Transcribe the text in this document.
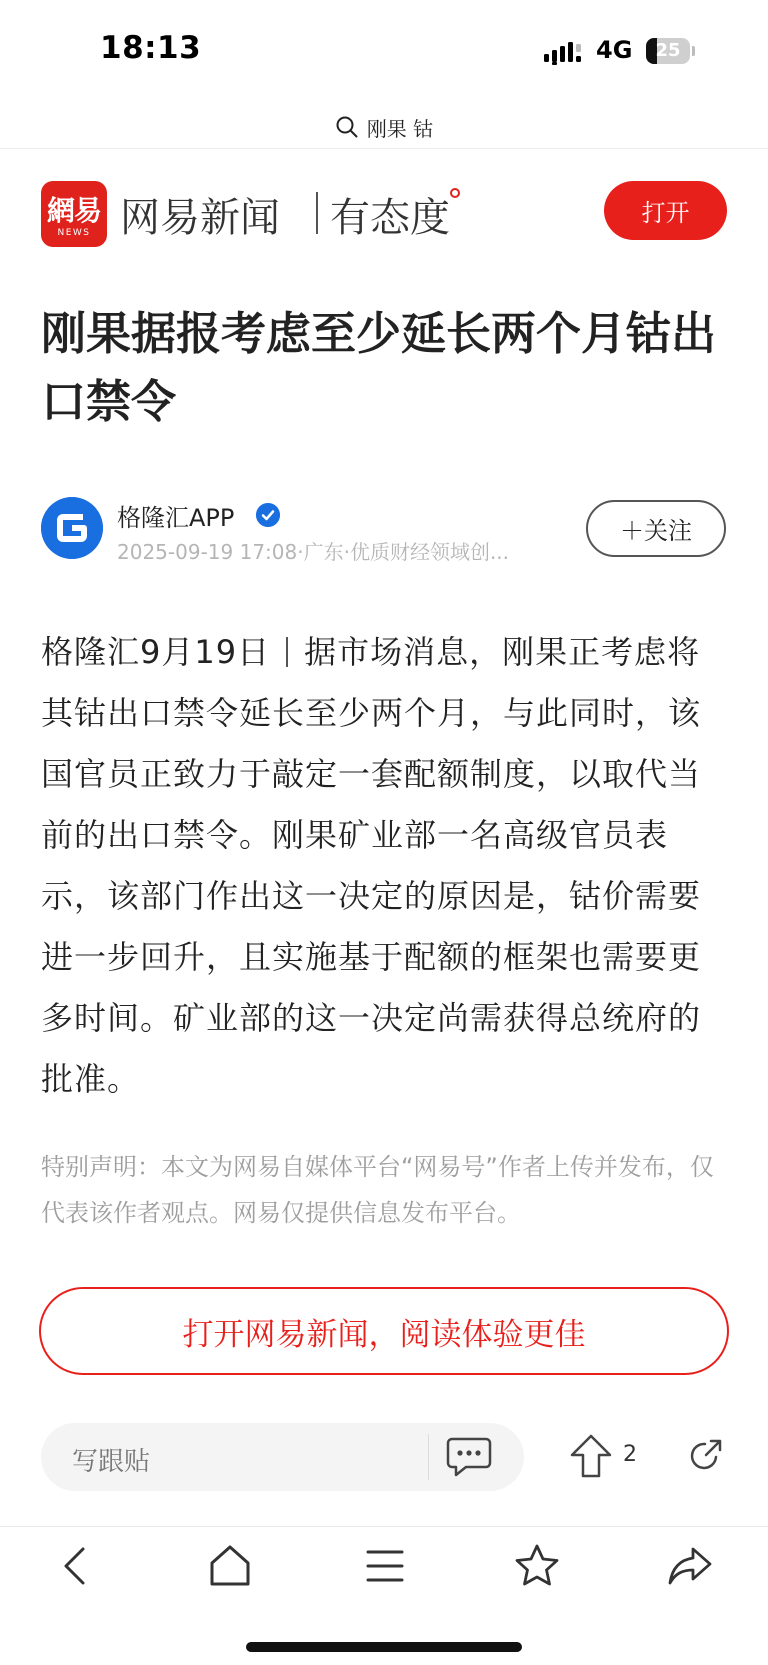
18:13	4G	25
刚果 钴
網易
NEWS 网易新闻 有态度	打开
刚果据报考虑至少延长两个月钴出口禁令
格隆汇APP
2025-09-19 17:08·广东·优质财经领域创...
＋关注

格隆汇9月19日 据市场消息，刚果正考虑将其钴出口禁令延长至少两个月，与此同时，该国官员正致力于敲定一套配额制度，以取代当前的出口禁令。刚果矿业部一名高级官员表示，该部门作出这一决定的原因是，钴价需要进一步回升，且实施基于配额的框架也需要更多时间。矿业部的这一决定尚需获得总统府的批准。

特别声明：本文为网易自媒体平台“网易号”作者上传并发布，仅代表该作者观点。网易仅提供信息发布平台。

打开网易新闻，阅读体验更佳
写跟贴	2
